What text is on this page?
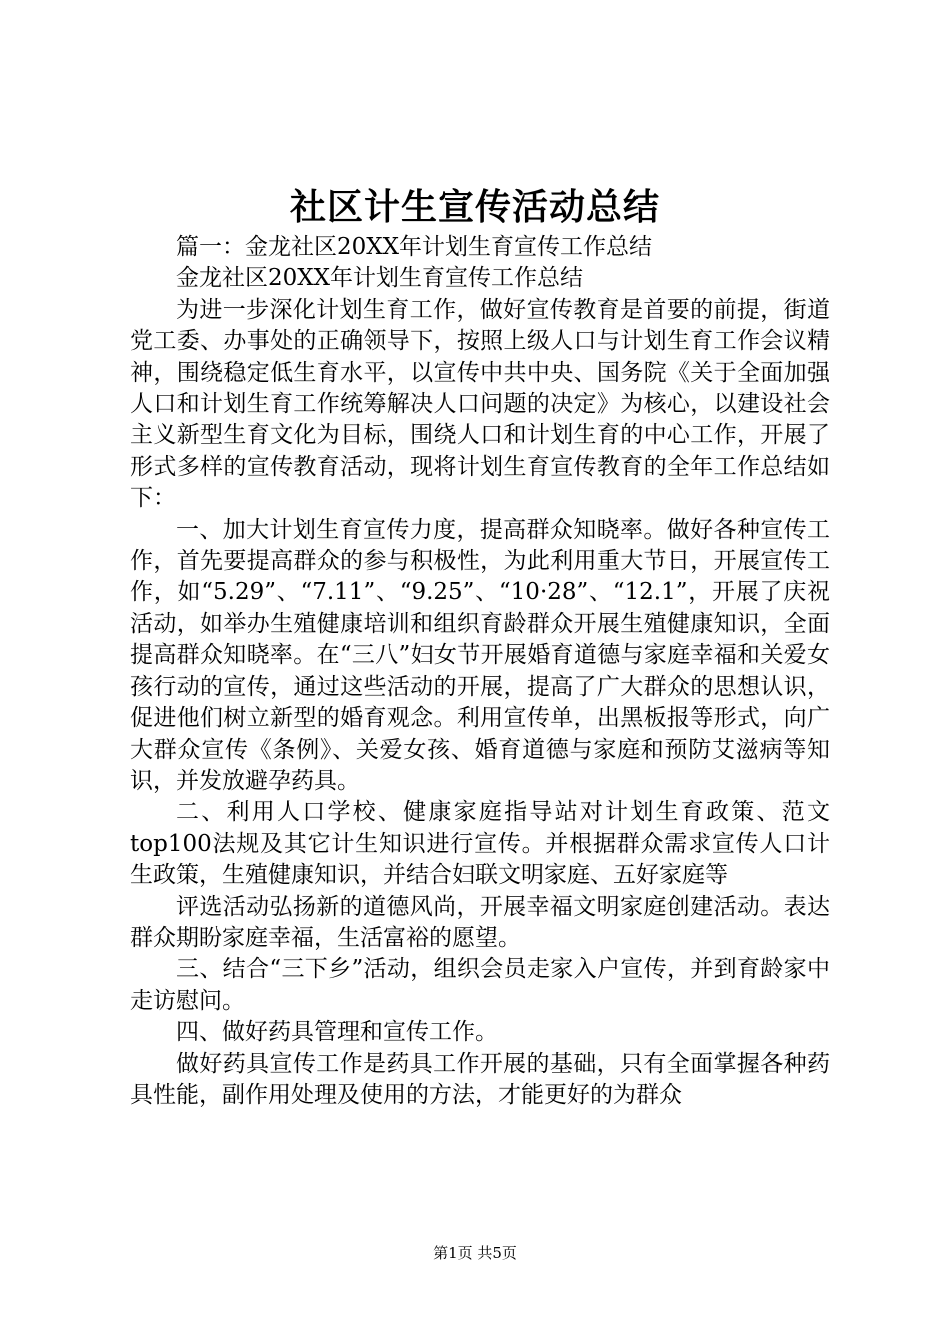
社区计生宣传活动总结

篇一：金龙社区20XX年计划生育宣传工作总结

金龙社区20XX年计划生育宣传工作总结

为进一步深化计划生育工作，做好宣传教育是首要的前提，街道党工委、办事处的正确领导下，按照上级人口与计划生育工作会议精神，围绕稳定低生育水平，以宣传中共中央、国务院《关于全面加强人口和计划生育工作统筹解决人口问题的决定》为核心，以建设社会主义新型生育文化为目标，围绕人口和计划生育的中心工作，开展了形式多样的宣传教育活动，现将计划生育宣传教育的全年工作总结如下：

一、加大计划生育宣传力度，提高群众知晓率。做好各种宣传工作，首先要提高群众的参与积极性，为此利用重大节日，开展宣传工作，如“5.29”、“7.11”、“9.25”、“10·28”、“12.1”，开展了庆祝活动，如举办生殖健康培训和组织育龄群众开展生殖健康知识，全面提高群众知晓率。在“三八”妇女节开展婚育道德与家庭幸福和关爱女孩行动的宣传，通过这些活动的开展，提高了广大群众的思想认识，促进他们树立新型的婚育观念。利用宣传单，出黑板报等形式，向广大群众宣传《条例》、关爱女孩、婚育道德与家庭和预防艾滋病等知识，并发放避孕药具。

二、利用人口学校、健康家庭指导站对计划生育政策、范文top100法规及其它计生知识进行宣传。并根据群众需求宣传人口计生政策，生殖健康知识，并结合妇联文明家庭、五好家庭等

评选活动弘扬新的道德风尚，开展幸福文明家庭创建活动。表达群众期盼家庭幸福，生活富裕的愿望。

三、结合“三下乡”活动，组织会员走家入户宣传，并到育龄家中走访慰问。

四、做好药具管理和宣传工作。

做好药具宣传工作是药具工作开展的基础，只有全面掌握各种药具性能，副作用处理及使用的方法，才能更好的为群众

第1页 共5页
